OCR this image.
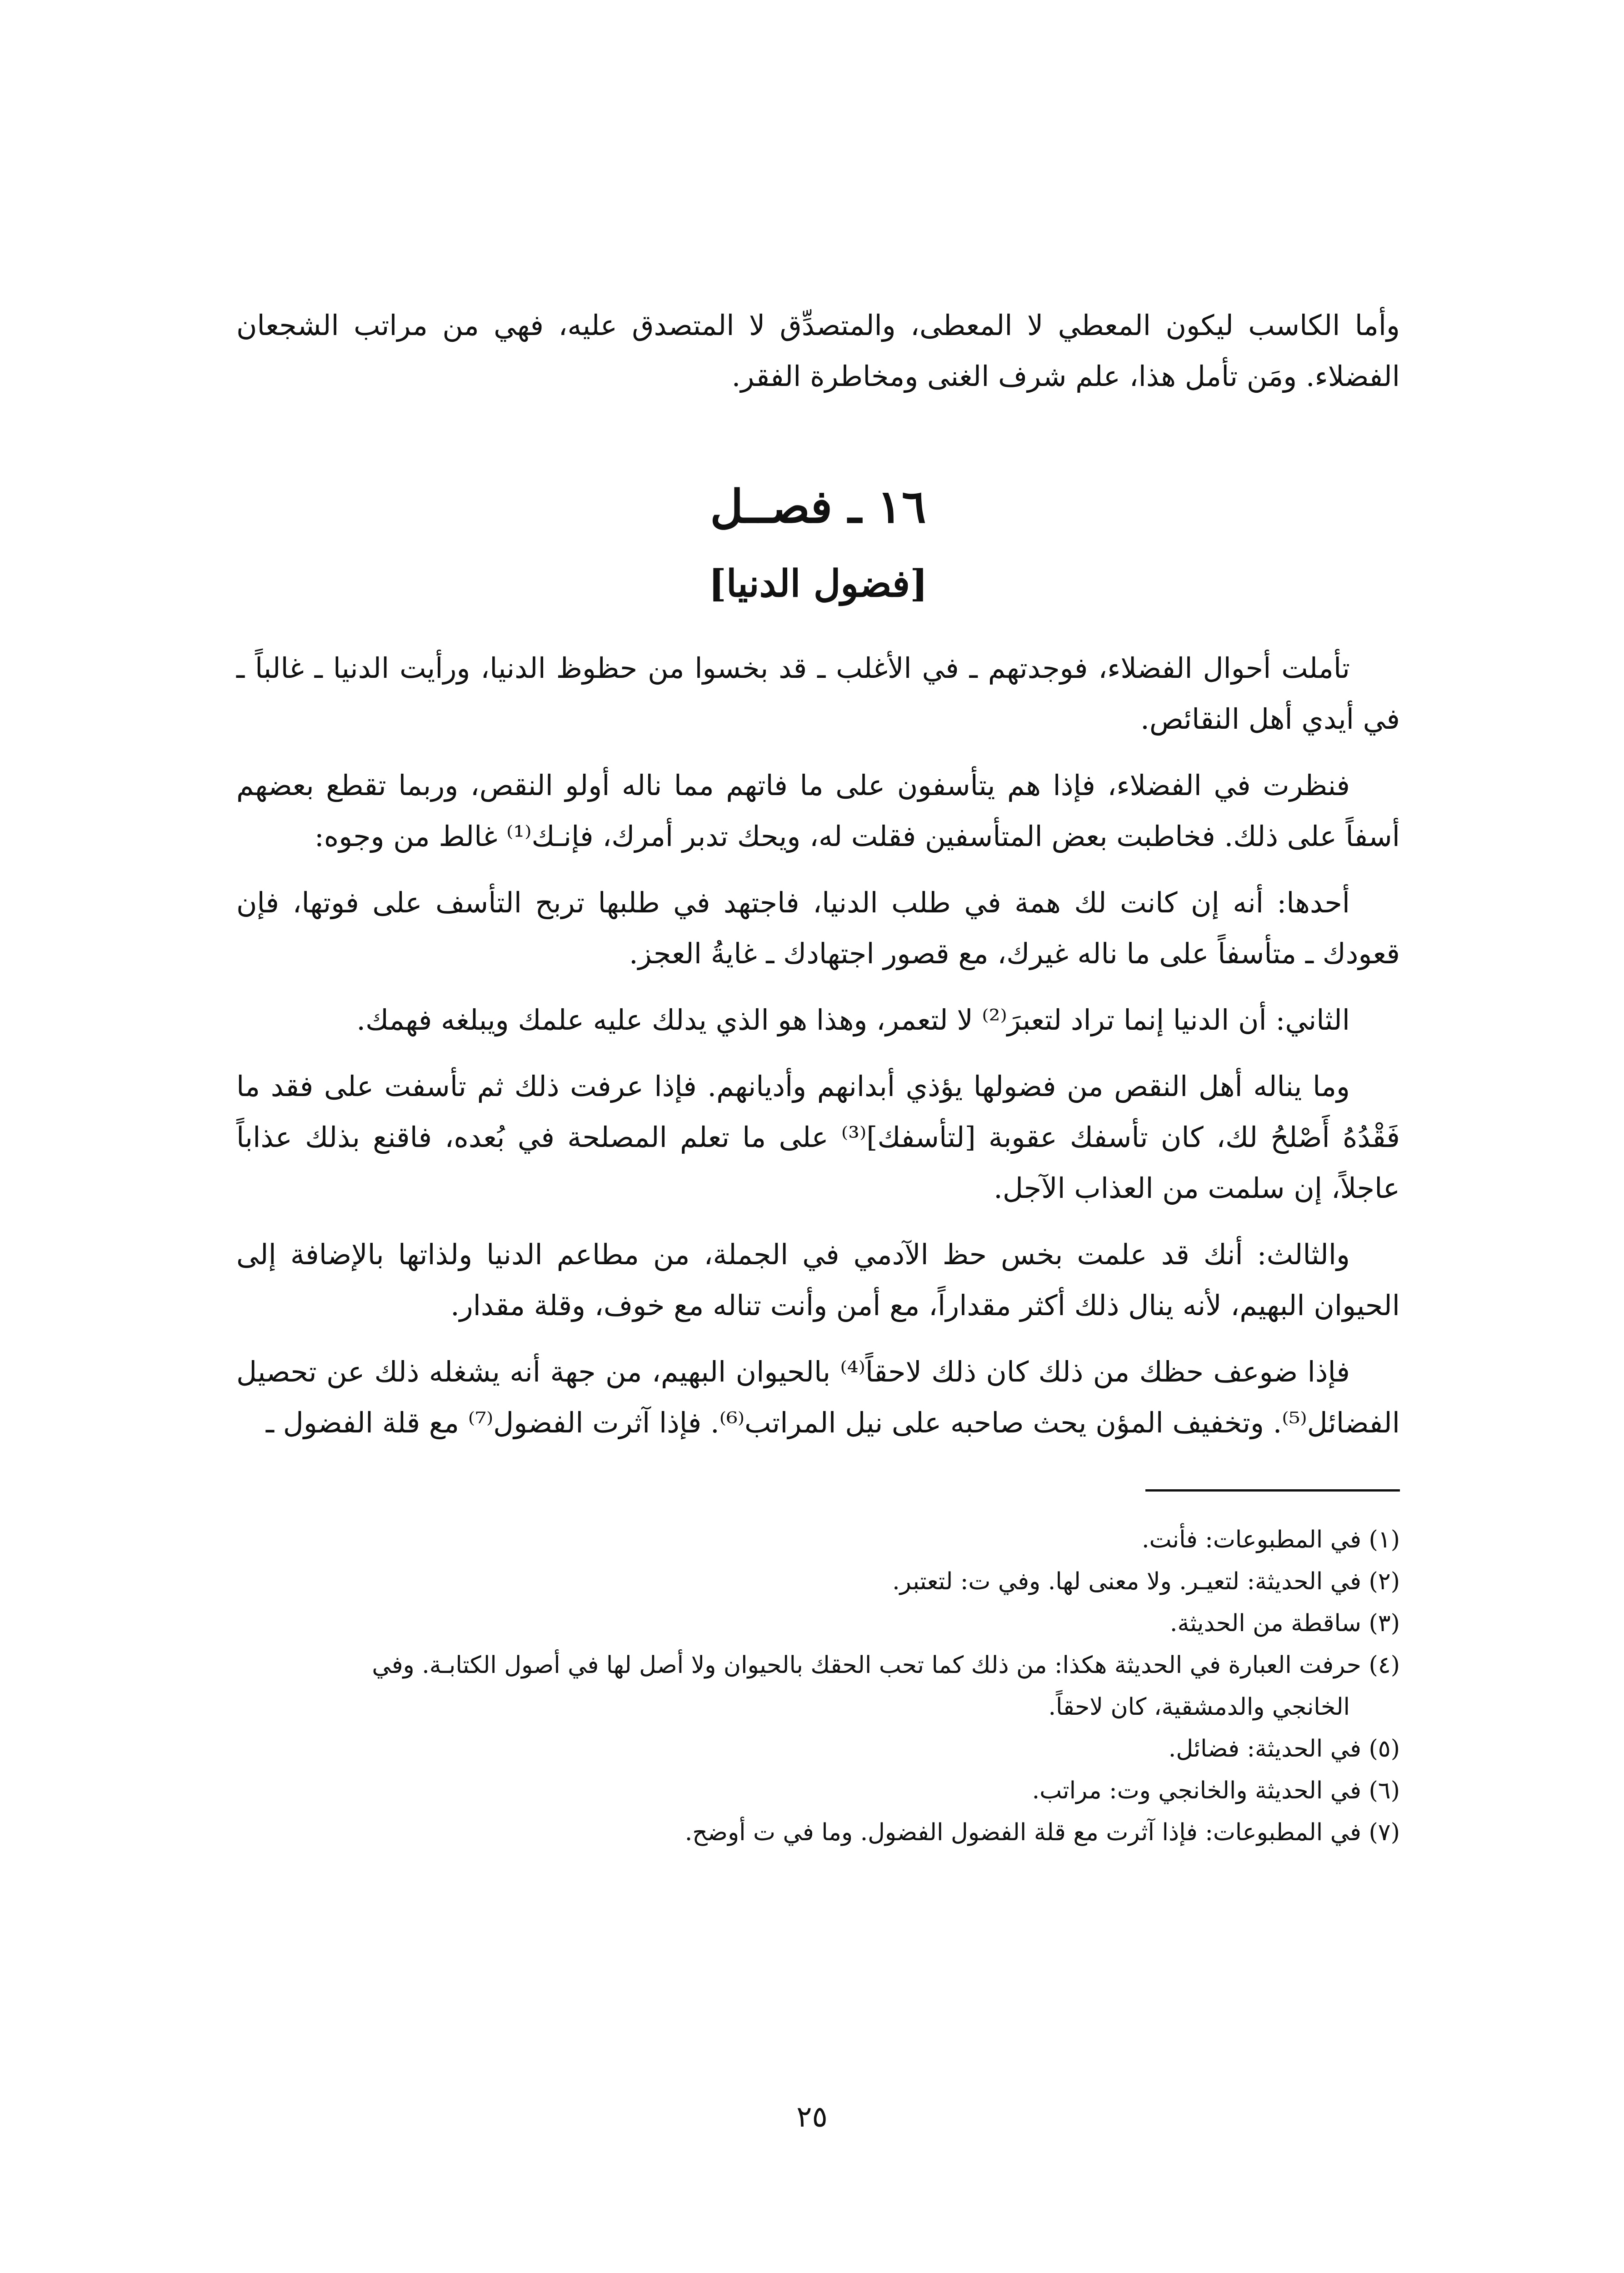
وأما الكاسب ليكون المعطي لا المعطى، والمتصدِّق لا المتصدق عليه، فهي من مراتب الشجعان الفضلاء. ومَن تأمل هذا، علم شرف الغنى ومخاطرة الفقر.

١٦ ـ فصــل
[فضول الدنيا]

تأملت أحوال الفضلاء، فوجدتهم ـ في الأغلب ـ قد بخسوا من حظوظ الدنيا، ورأيت الدنيا ـ غالباً ـ في أيدي أهل النقائص.

فنظرت في الفضلاء، فإذا هم يتأسفون على ما فاتهم مما ناله أولو النقص، وربما تقطع بعضهم أسفاً على ذلك. فخاطبت بعض المتأسفين فقلت له، ويحك تدبر أمرك، فإنـك⁽¹⁾ غالط من وجوه:

أحدها: أنه إن كانت لك همة في طلب الدنيا، فاجتهد في طلبها تربح التأسف على فوتها، فإن قعودك ـ متأسفاً على ما ناله غيرك، مع قصور اجتهادك ـ غايةُ العجز.

الثاني: أن الدنيا إنما تراد لتعبرَ⁽²⁾ لا لتعمر، وهذا هو الذي يدلك عليه علمك ويبلغه فهمك.

وما يناله أهل النقص من فضولها يؤذي أبدانهم وأديانهم. فإذا عرفت ذلك ثم تأسفت على فقد ما فَقْدُهُ أَصْلحُ لك، كان تأسفك عقوبة [لتأسفك]⁽³⁾ على ما تعلم المصلحة في بُعده، فاقنع بذلك عذاباً عاجلاً، إن سلمت من العذاب الآجل.

والثالث: أنك قد علمت بخس حظ الآدمي في الجملة، من مطاعم الدنيا ولذاتها بالإضافة إلى الحيوان البهيم، لأنه ينال ذلك أكثر مقداراً، مع أمن وأنت تناله مع خوف، وقلة مقدار.

فإذا ضوعف حظك من ذلك كان ذلك لاحقاً⁽⁴⁾ بالحيوان البهيم، من جهة أنه يشغله ذلك عن تحصيل الفضائل⁽⁵⁾. وتخفيف المؤن يحث صاحبه على نيل المراتب⁽⁶⁾. فإذا آثرت الفضول⁽⁷⁾ مع قلة الفضول ـ

(١) في المطبوعات: فأنت.

(٢) في الحديثة: لتعيـر. ولا معنى لها. وفي ت: لتعتبر.

(٣) ساقطة من الحديثة.

(٤) حرفت العبارة في الحديثة هكذا: من ذلك كما تحب الحقك بالحيوان ولا أصل لها في أصول الكتابـة. وفي

الخانجي والدمشقية، كان لاحقاً.

(٥) في الحديثة: فضائل.

(٦) في الحديثة والخانجي وت: مراتب.

(٧) في المطبوعات: فإذا آثرت مع قلة الفضول الفضول. وما في ت أوضح.

٢٥
